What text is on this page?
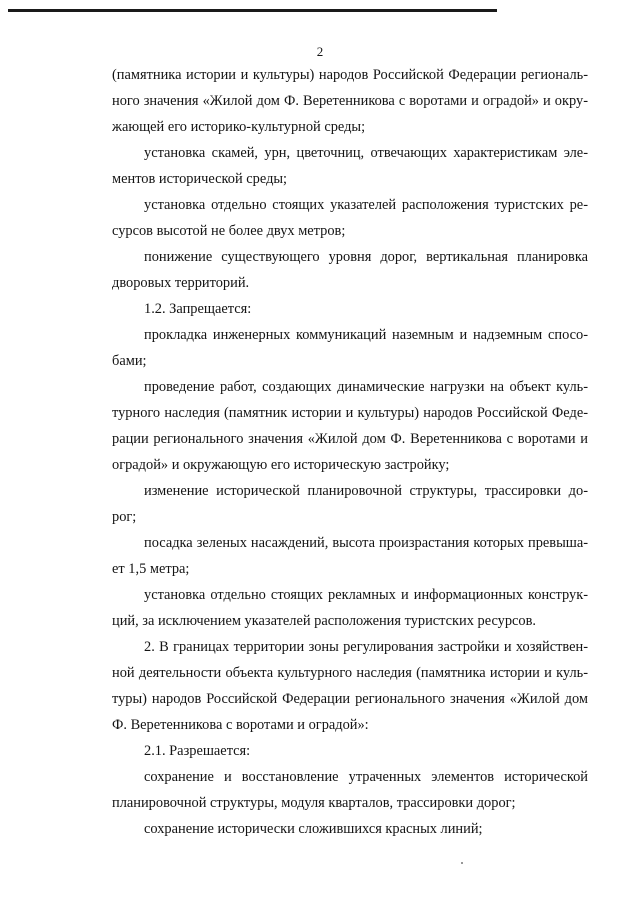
2
(памятника истории и культуры) народов Российской Федерации региональ-
ного значения «Жилой дом Ф. Веретенникова с воротами и оградой» и окру-
жающей его историко-культурной среды;
установка скамей, урн, цветочниц, отвечающих характеристикам эле-
ментов исторической среды;
установка отдельно стоящих указателей расположения туристских ре-
сурсов высотой не более двух метров;
понижение существующего уровня дорог, вертикальная планировка
дворовых территорий.
1.2. Запрещается:
прокладка инженерных коммуникаций наземным и надземным спосо-
бами;
проведение работ, создающих динамические нагрузки на объект куль-
турного наследия (памятник истории и культуры) народов Российской Феде-
рации регионального значения «Жилой дом Ф. Веретенникова с воротами и
оградой» и окружающую его историческую застройку;
изменение исторической планировочной структуры, трассировки до-
рог;
посадка зеленых насаждений, высота произрастания которых превыша-
ет 1,5 метра;
установка отдельно стоящих рекламных и информационных конструк-
ций, за исключением указателей расположения туристских ресурсов.
2. В границах территории зоны регулирования застройки и хозяйствен-
ной деятельности объекта культурного наследия (памятника истории и куль-
туры) народов Российской Федерации регионального значения «Жилой дом
Ф. Веретенникова с воротами и оградой»:
2.1. Разрешается:
сохранение и восстановление утраченных элементов исторической
планировочной структуры, модуля кварталов, трассировки дорог;
сохранение исторически сложившихся красных линий;
